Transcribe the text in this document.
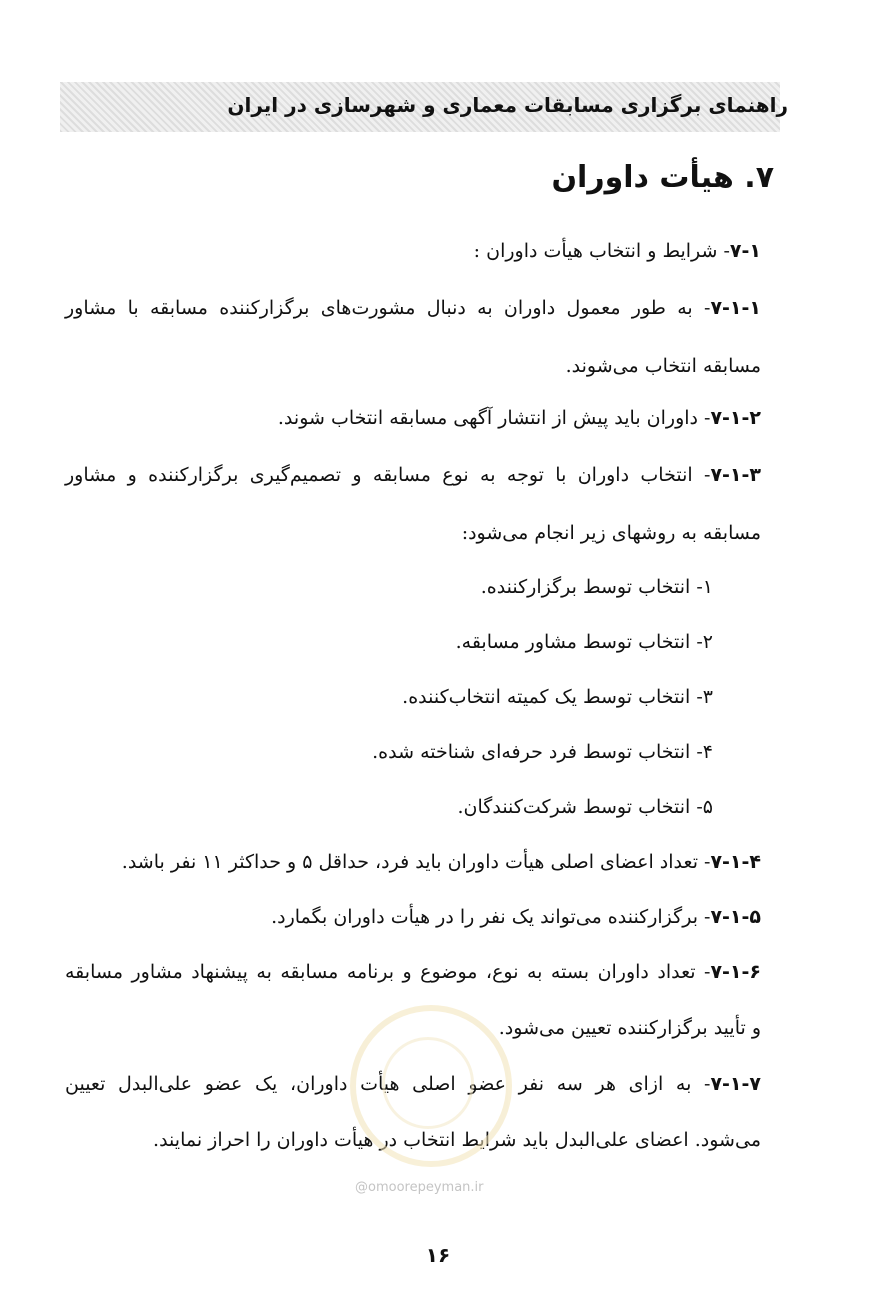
راهنمای برگزاری مسابقات معماری و شهرسازی در ایران
۷. هیأت داوران
۷-۱- شرایط و انتخاب هیأت داوران :
۷-۱-۱- به طور معمول داوران به دنبال مشورت‌های برگزارکننده مسابقه با مشاور
مسابقه انتخاب می‌شوند.
۷-۱-۲- داوران باید پیش از انتشار آگهی مسابقه انتخاب شوند.
۷-۱-۳- انتخاب داوران با توجه به نوع مسابقه و تصمیم‌گیری برگزارکننده و مشاور
مسابقه به روشهای زیر انجام می‌شود:
۱- انتخاب توسط برگزارکننده.
۲- انتخاب توسط مشاور مسابقه.
۳- انتخاب توسط یک کمیته انتخاب‌کننده.
۴- انتخاب توسط فرد حرفه‌ای شناخته شده.
۵- انتخاب توسط شرکت‌کنندگان.
۷-۱-۴- تعداد اعضای اصلی هیأت داوران باید فرد، حداقل ۵ و حداکثر ۱۱ نفر باشد.
۷-۱-۵- برگزارکننده می‌تواند یک نفر را در هیأت داوران بگمارد.
۷-۱-۶- تعداد داوران بسته به نوع، موضوع و برنامه مسابقه به پیشنهاد مشاور مسابقه
و تأیید برگزارکننده تعیین می‌شود.
۷-۱-۷- به ازای هر سه نفر عضو اصلی هیأت داوران، یک عضو علی‌البدل تعیین
می‌شود. اعضای علی‌البدل باید شرایط انتخاب در هیأت داوران را احراز نمایند.
@omoorepeyman.ir
۱۶
